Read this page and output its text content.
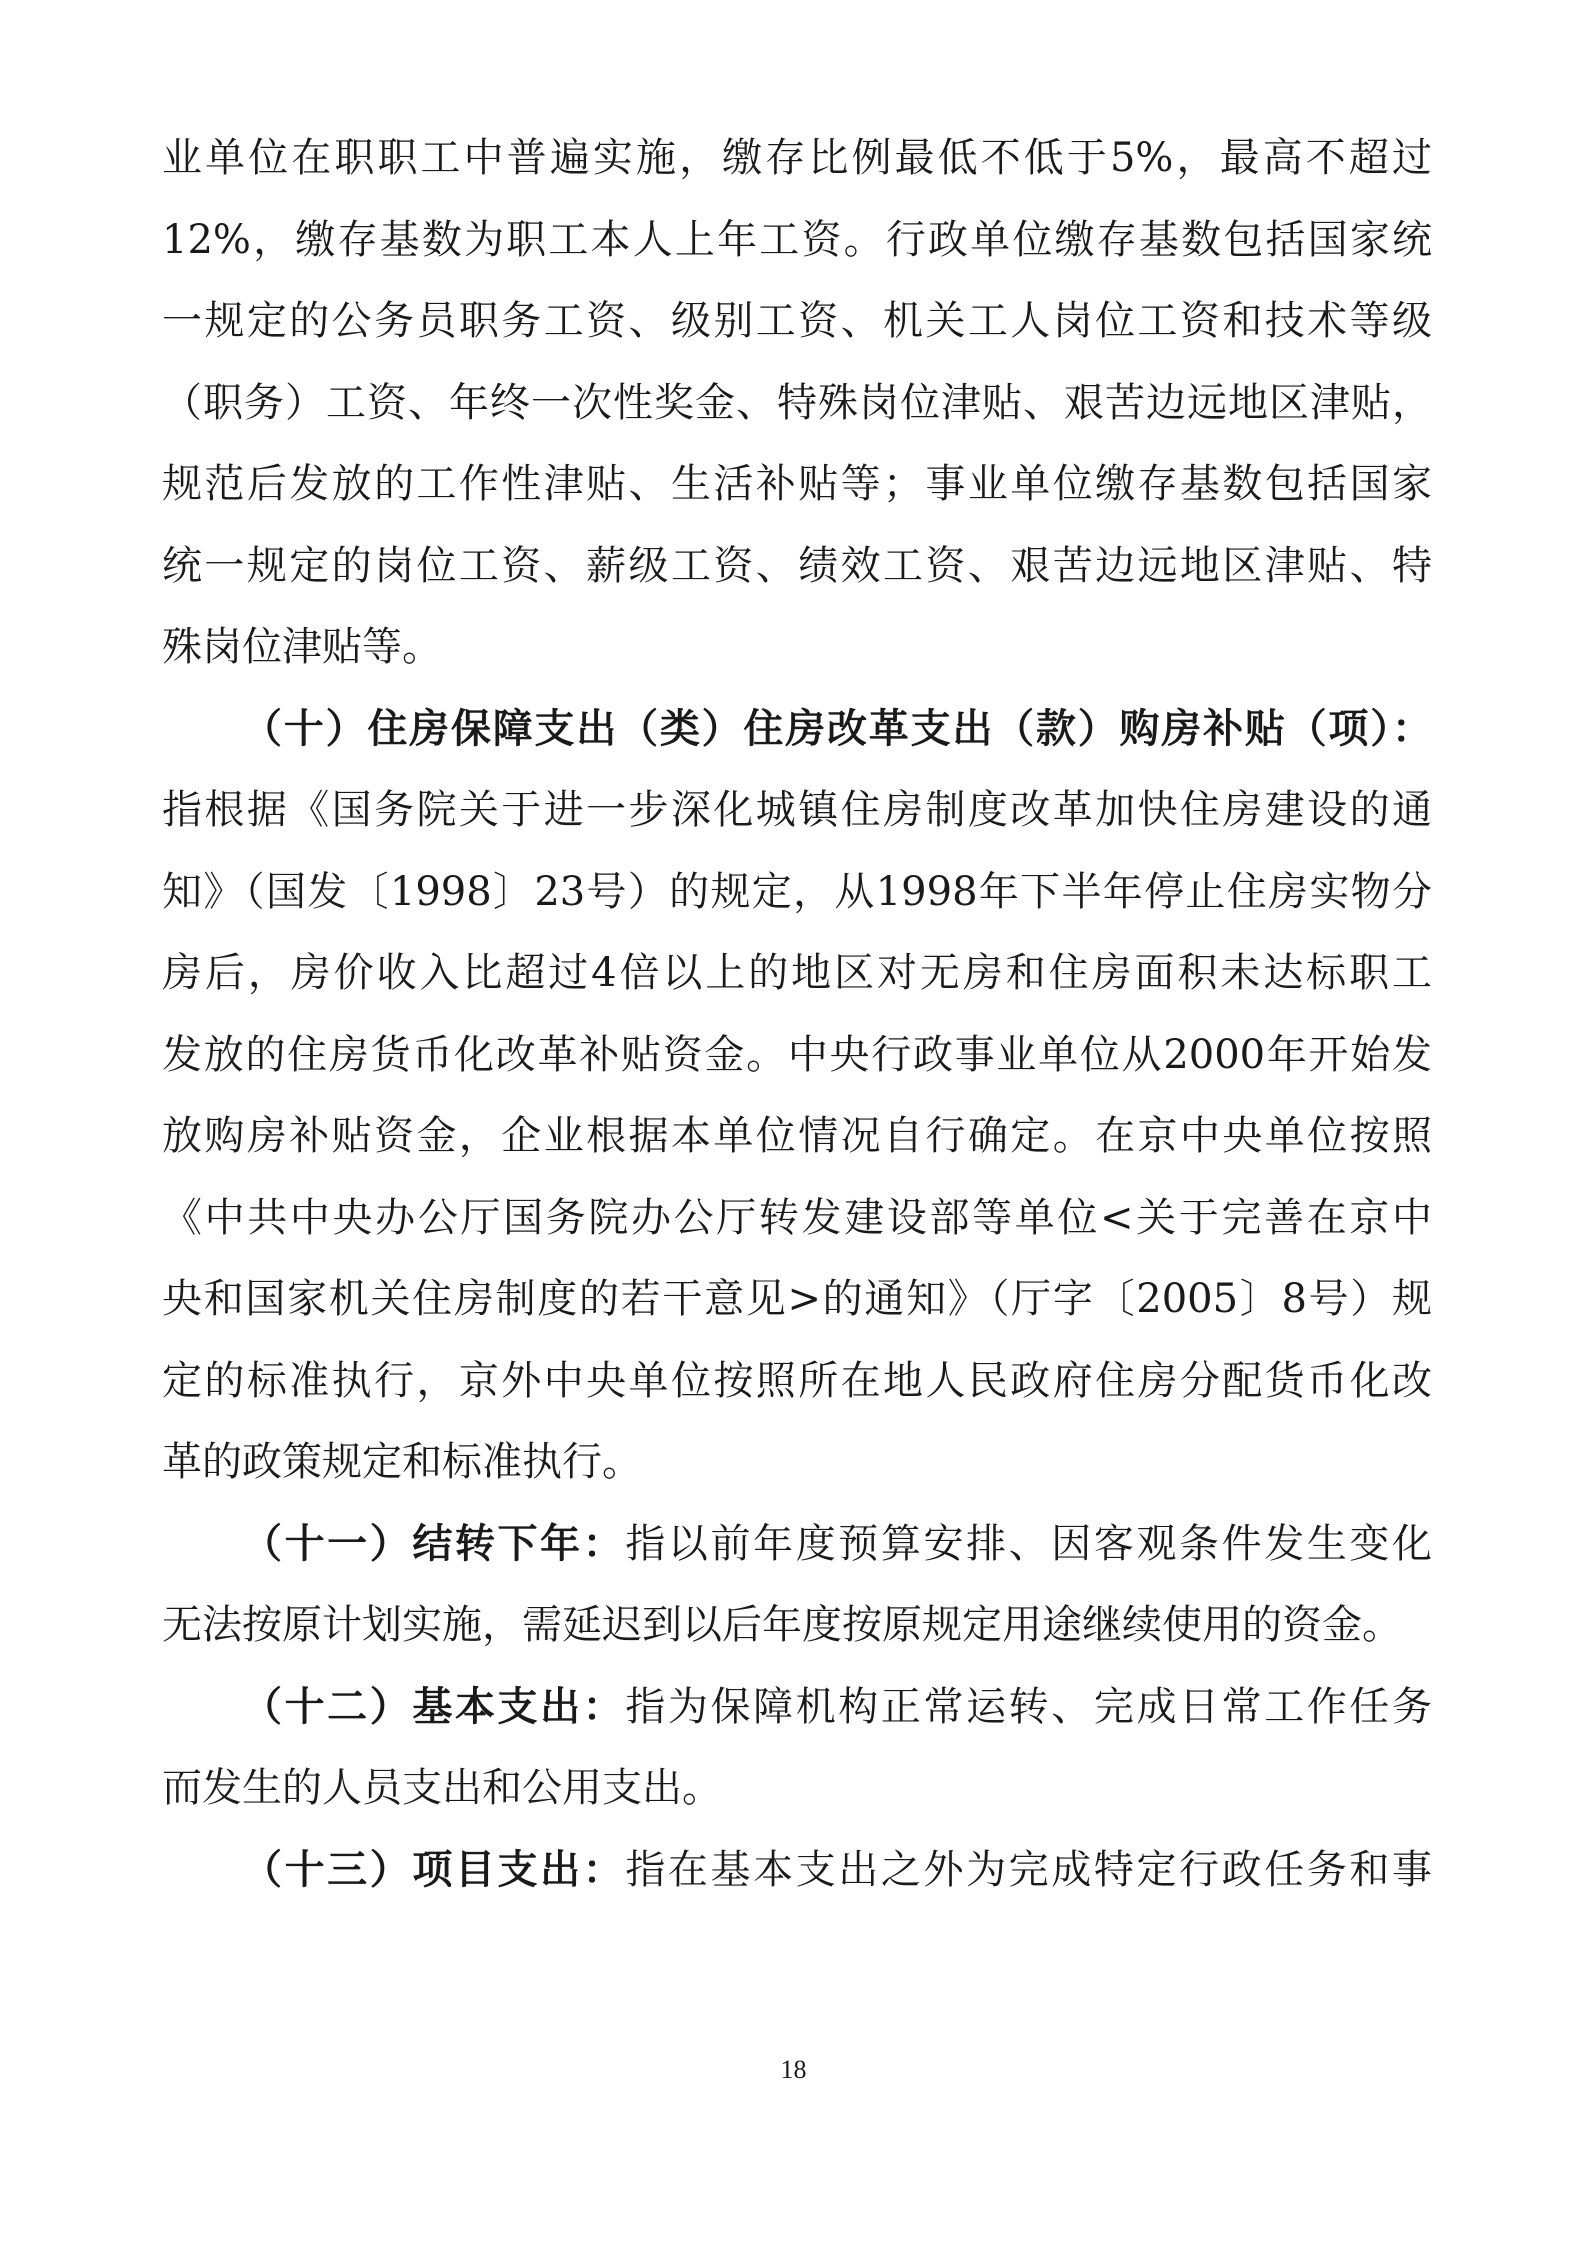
业单位在职职工中普遍实施，缴存比例最低不低于5%，最高不超过
12%，缴存基数为职工本人上年工资。行政单位缴存基数包括国家统
一规定的公务员职务工资、级别工资、机关工人岗位工资和技术等级
（职务）工资、年终一次性奖金、特殊岗位津贴、艰苦边远地区津贴，
规范后发放的工作性津贴、生活补贴等；事业单位缴存基数包括国家
统一规定的岗位工资、薪级工资、绩效工资、艰苦边远地区津贴、特
殊岗位津贴等。
（十）住房保障支出（类）住房改革支出（款）购房补贴（项）：
指根据《国务院关于进一步深化城镇住房制度改革加快住房建设的通
知》（国发〔1998〕23号）的规定，从1998年下半年停止住房实物分
房后，房价收入比超过4倍以上的地区对无房和住房面积未达标职工
发放的住房货币化改革补贴资金。中央行政事业单位从2000年开始发
放购房补贴资金，企业根据本单位情况自行确定。在京中央单位按照
《中共中央办公厅国务院办公厅转发建设部等单位<关于完善在京中
央和国家机关住房制度的若干意见>的通知》（厅字〔2005〕8号）规
定的标准执行，京外中央单位按照所在地人民政府住房分配货币化改
革的政策规定和标准执行。
（十一）结转下年：指以前年度预算安排、因客观条件发生变化
无法按原计划实施，需延迟到以后年度按原规定用途继续使用的资金。
（十二）基本支出：指为保障机构正常运转、完成日常工作任务
而发生的人员支出和公用支出。
（十三）项目支出：指在基本支出之外为完成特定行政任务和事
18
